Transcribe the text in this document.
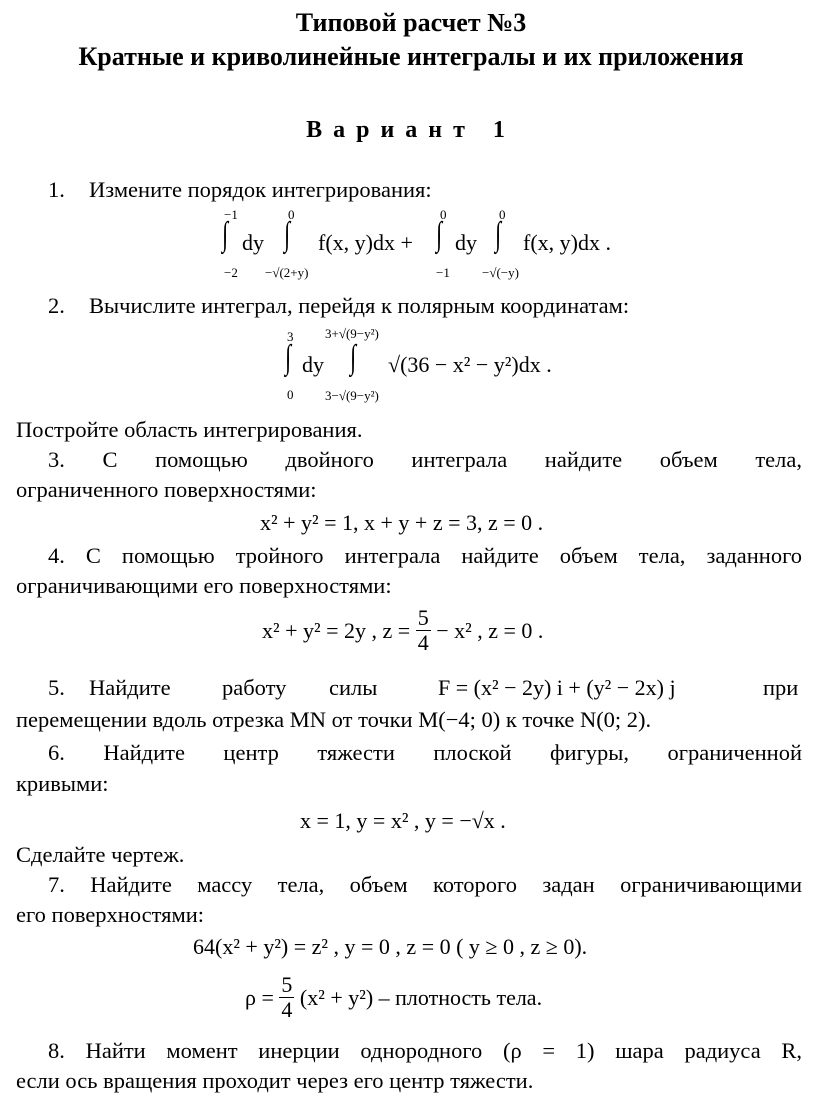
Типовой расчет №3
Кратные и криволинейные интегралы и их приложения
Вариант 1
1. Измените порядок интегрирования:
−1
∫
−2
dy
0
∫
−√(2+y)
f(x, y)dx +
0
∫
−1
dy
0
∫
−√(−y)
f(x, y)dx .
2. Вычислите интеграл, перейдя к полярным координатам:
3
∫
0
dy
3+√(9−y²)
∫
3−√(9−y²)
√(36 − x² − y²)dx .
Постройте область интегрирования.
3. С помощью двойного интеграла найдите объем тела,
ограниченного поверхностями:
x² + y² = 1, x + y + z = 3, z = 0 .
4. С помощью тройного интеграла найдите объем тела, заданного
ограничивающими его поверхностями:
x² + y² = 2y , $z = \frac{5}{4} - x^2$ , z = 0 .
5. Найдите работу силы	F = (x² − 2y) i + (y² − 2x) j	при
перемещении вдоль отрезка MN от точки M(−4; 0) к точке N(0; 2).
6. Найдите центр тяжести плоской фигуры, ограниченной
кривыми:
x = 1, y = x² , y = −√x .
Сделайте чертеж.
7. Найдите массу тела, объем которого задан ограничивающими
его поверхностями:
64(x² + y²) = z² , y = 0 , z = 0 ( y ≥ 0 , z ≥ 0).
$\rho = \frac{5}{4} (x^2 + y^2)$ – плотность тела.
8. Найти момент инерции однородного (ρ = 1) шара радиуса R,
если ось вращения проходит через его центр тяжести.
